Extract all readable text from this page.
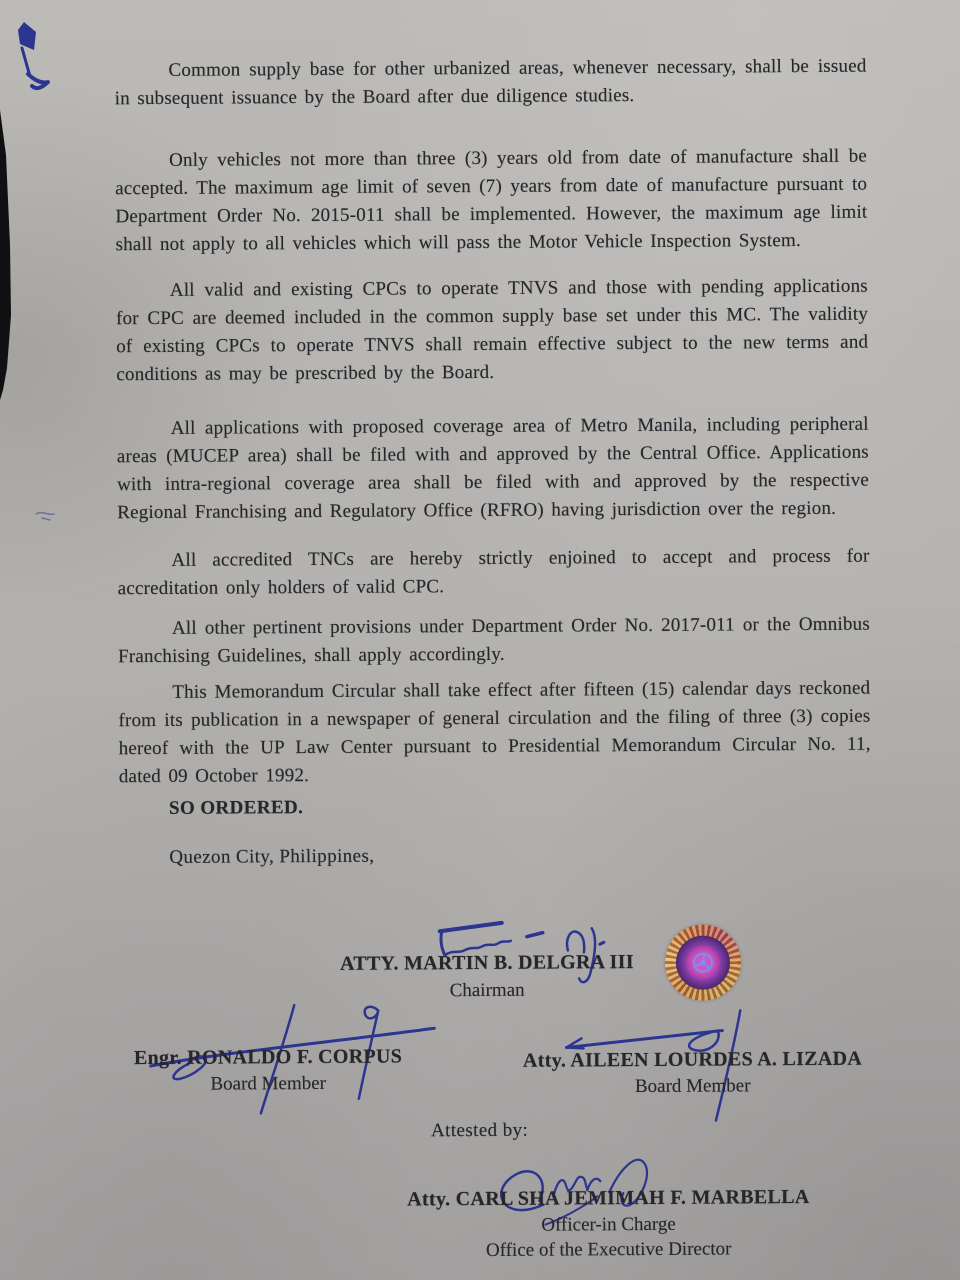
Common supply base for other urbanized areas, whenever necessary, shall be issued in subsequent issuance by the Board after due diligence studies.

Only vehicles not more than three (3) years old from date of manufacture shall be accepted. The maximum age limit of seven (7) years from date of manufacture pursuant to Department Order No. 2015-011 shall be implemented. However, the maximum age limit shall not apply to all vehicles which will pass the Motor Vehicle Inspection System.

All valid and existing CPCs to operate TNVS and those with pending applications for CPC are deemed included in the common supply base set under this MC. The validity of existing CPCs to operate TNVS shall remain effective subject to the new terms and conditions as may be prescribed by the Board.

All applications with proposed coverage area of Metro Manila, including peripheral areas (MUCEP area) shall be filed with and approved by the Central Office. Applications with intra-regional coverage area shall be filed with and approved by the respective Regional Franchising and Regulatory Office (RFRO) having jurisdiction over the region.

All accredited TNCs are hereby strictly enjoined to accept and process for accreditation only holders of valid CPC.

All other pertinent provisions under Department Order No. 2017-011 or the Omnibus Franchising Guidelines, shall apply accordingly.

This Memorandum Circular shall take effect after fifteen (15) calendar days reckoned from its publication in a newspaper of general circulation and the filing of three (3) copies hereof with the UP Law Center pursuant to Presidential Memorandum Circular No. 11, dated 09 October 1992.

SO ORDERED.
Quezon City, Philippines,
ATTY. MARTIN B. DELGRA III
Chairman
Engr. RONALDO F. CORPUS
Board Member
Atty. AILEEN LOURDES A. LIZADA
Board Member
Attested by:
Atty. CARL SHA JEMIMAH F. MARBELLA
Officer-in Charge
Office of the Executive Director
